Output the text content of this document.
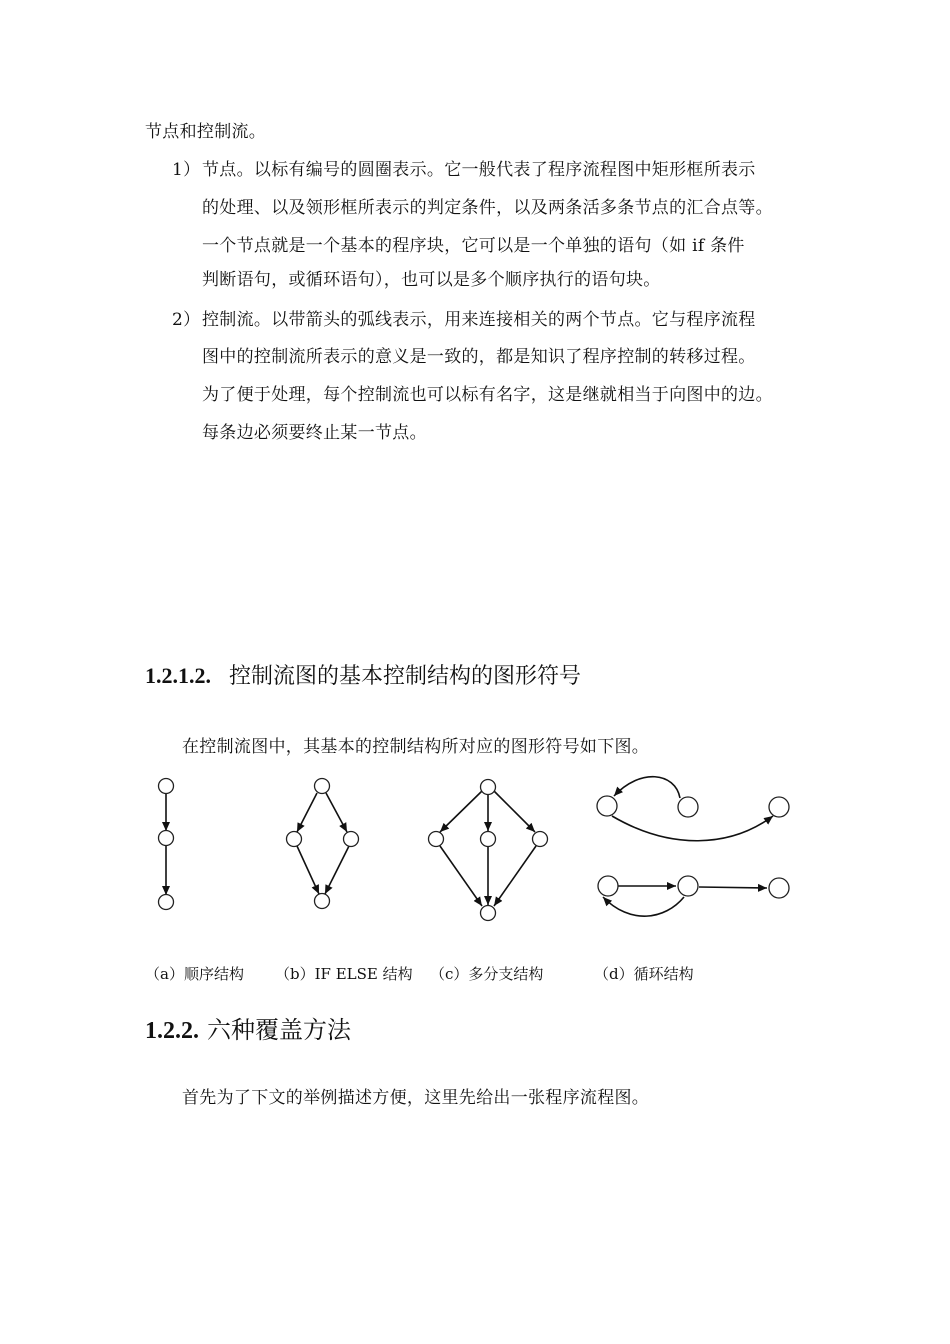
节点和控制流。
1） 节点。以标有编号的圆圈表示。它一般代表了程序流程图中矩形框所表示
的处理、以及领形框所表示的判定条件，以及两条活多条节点的汇合点等。
一个节点就是一个基本的程序块，它可以是一个单独的语句（如 if 条件
判断语句，或循环语句），也可以是多个顺序执行的语句块。
2） 控制流。以带箭头的弧线表示，用来连接相关的两个节点。它与程序流程
图中的控制流所表示的意义是一致的，都是知识了程序控制的转移过程。
为了便于处理，每个控制流也可以标有名字，这是继就相当于向图中的边。
每条边必须要终止某一节点。
1.2.1.2. 控制流图的基本控制结构的图形符号
在控制流图中，其基本的控制结构所对应的图形符号如下图。
（a）顺序结构 （b）IF ELSE 结构 （c）多分支结构	（d）循环结构
1.2.2. 六种覆盖方法
首先为了下文的举例描述方便，这里先给出一张程序流程图。
